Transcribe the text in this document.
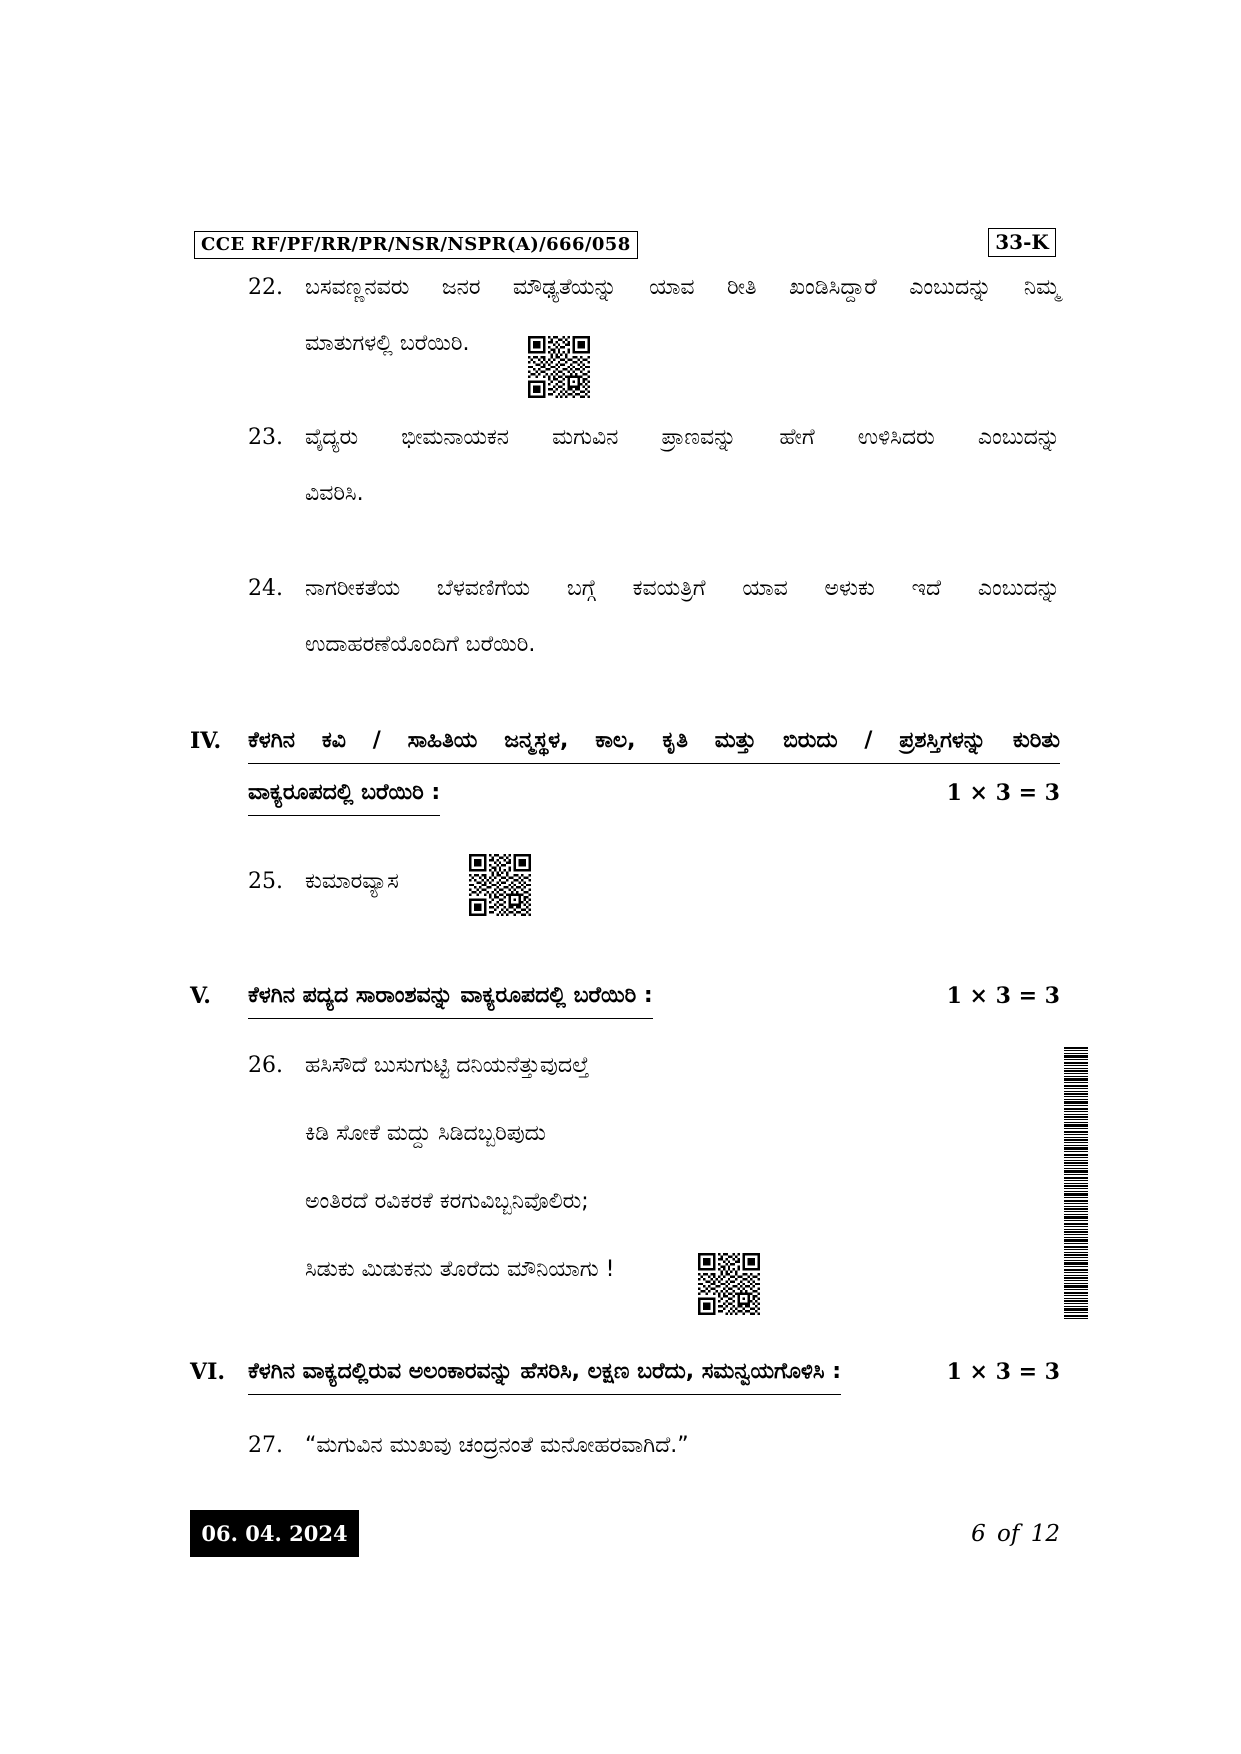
CCE RF/PF/RR/PR/NSR/NSPR(A)/666/058	33-K
22. ಬಸವಣ್ಣನವರು ಜನರ ಮೌಢ್ಯತೆಯನ್ನು ಯಾವ ರೀತಿ ಖಂಡಿಸಿದ್ದಾರೆ ಎಂಬುದನ್ನು ನಿಮ್ಮ
ಮಾತುಗಳಲ್ಲಿ ಬರೆಯಿರಿ.
23. ವೈದ್ಯರು ಭೀಮನಾಯಕನ ಮಗುವಿನ ಪ್ರಾಣವನ್ನು ಹೇಗೆ ಉಳಿಸಿದರು ಎಂಬುದನ್ನು
ವಿವರಿಸಿ.
24. ನಾಗರೀಕತೆಯ ಬೆಳವಣಿಗೆಯ ಬಗ್ಗೆ ಕವಯತ್ರಿಗೆ ಯಾವ ಅಳುಕು ಇದೆ ಎಂಬುದನ್ನು
ಉದಾಹರಣೆಯೊಂದಿಗೆ ಬರೆಯಿರಿ.
IV. ಕೆಳಗಿನ ಕವಿ / ಸಾಹಿತಿಯ ಜನ್ಮಸ್ಥಳ, ಕಾಲ, ಕೃತಿ ಮತ್ತು ಬಿರುದು / ಪ್ರಶಸ್ತಿಗಳನ್ನು ಕುರಿತು
ವಾಕ್ಯರೂಪದಲ್ಲಿ ಬರೆಯಿರಿ :	1 × 3 = 3
25. ಕುಮಾರವ್ಯಾಸ
V. ಕೆಳಗಿನ ಪದ್ಯದ ಸಾರಾಂಶವನ್ನು ವಾಕ್ಯರೂಪದಲ್ಲಿ ಬರೆಯಿರಿ :	1 × 3 = 3
26. ಹಸಿಸೌದೆ ಬುಸುಗುಟ್ಟಿ ದನಿಯನೆತ್ತುವುದಲ್ತೆ
ಕಿಡಿ ಸೋಕೆ ಮದ್ದು ಸಿಡಿದಬ್ಬರಿಪುದು
ಅಂತಿರದೆ ರವಿಕರಕೆ ಕರಗುವಿಬ್ಬನಿವೊಲಿರು;
ಸಿಡುಕು ಮಿಡುಕನು ತೊರೆದು ಮೌನಿಯಾಗು !
VI. ಕೆಳಗಿನ ವಾಕ್ಯದಲ್ಲಿರುವ ಅಲಂಕಾರವನ್ನು ಹೆಸರಿಸಿ, ಲಕ್ಷಣ ಬರೆದು, ಸಮನ್ವಯಗೊಳಿಸಿ :	1 × 3 = 3
27. “ಮಗುವಿನ ಮುಖವು ಚಂದ್ರನಂತೆ ಮನೋಹರವಾಗಿದೆ.”
06. 04. 2024	6 of 12
